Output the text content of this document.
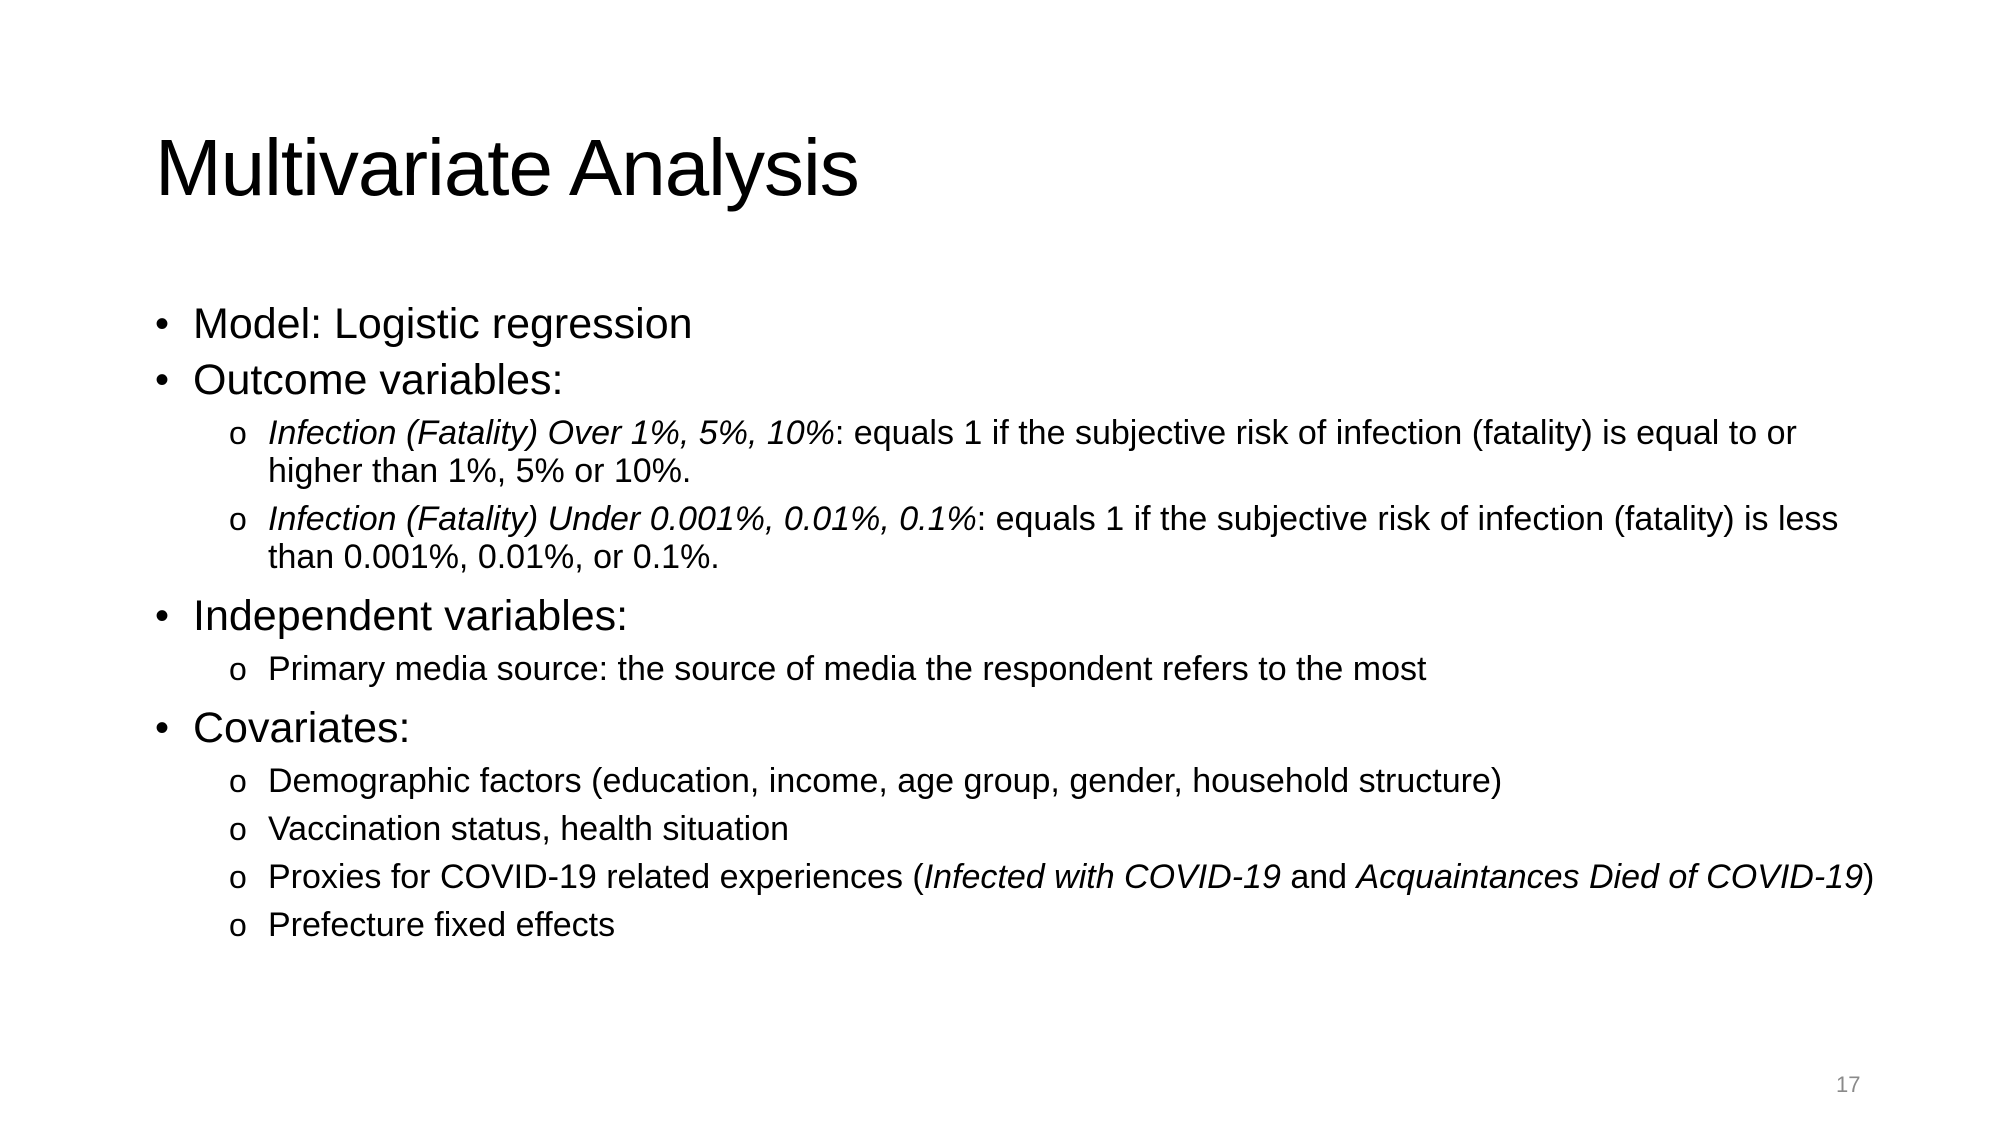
Multivariate Analysis

• Model: Logistic regression

• Outcome variables:

o Infection (Fatality) Over 1%, 5%, 10%: equals 1 if the subjective risk of infection (fatality) is equal to or higher than 1%, 5% or 10%.

o Infection (Fatality) Under 0.001%, 0.01%, 0.1%: equals 1 if the subjective risk of infection (fatality) is less than 0.001%, 0.01%, or 0.1%.

• Independent variables:

o Primary media source: the source of media the respondent refers to the most

• Covariates:

o Demographic factors (education, income, age group, gender, household structure)

o Vaccination status, health situation

o Proxies for COVID-19 related experiences (Infected with COVID-19 and Acquaintances Died of COVID-19)

o Prefecture fixed effects

17
